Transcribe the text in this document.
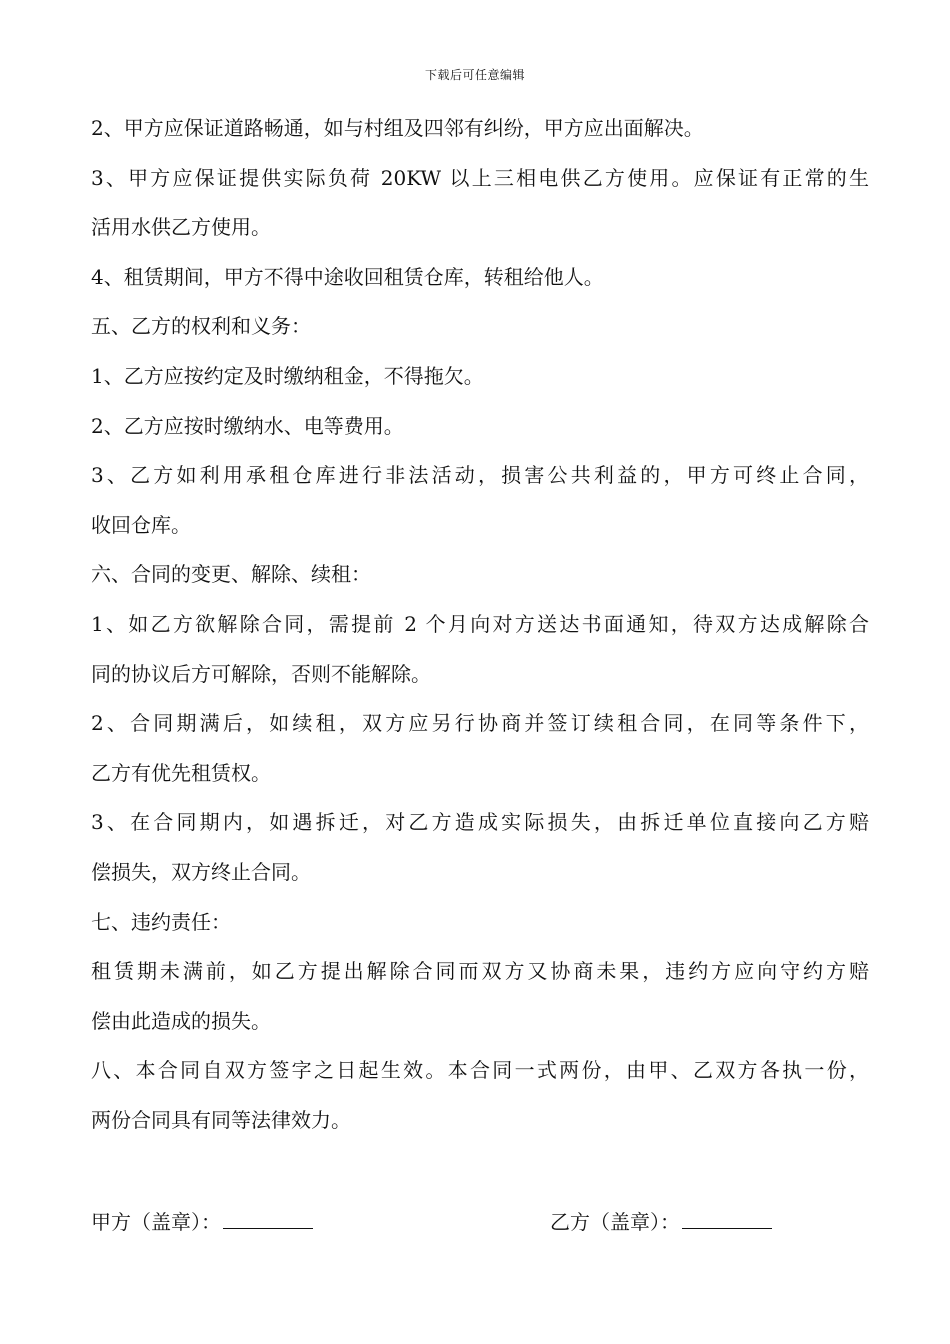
下载后可任意编辑
2、甲方应保证道路畅通，如与村组及四邻有纠纷，甲方应出面解决。
3、甲方应保证提供实际负荷 20KW 以上三相电供乙方使用。应保证有正常的生
活用水供乙方使用。
4、租赁期间，甲方不得中途收回租赁仓库，转租给他人。
五、乙方的权利和义务：
1、乙方应按约定及时缴纳租金，不得拖欠。
2、乙方应按时缴纳水、电等费用。
3、乙方如利用承租仓库进行非法活动，损害公共利益的，甲方可终止合同，
收回仓库。
六、合同的变更、解除、续租：
1、如乙方欲解除合同，需提前 2 个月向对方送达书面通知，待双方达成解除合
同的协议后方可解除，否则不能解除。
2、合同期满后，如续租，双方应另行协商并签订续租合同，在同等条件下，
乙方有优先租赁权。
3、在合同期内，如遇拆迁，对乙方造成实际损失，由拆迁单位直接向乙方赔
偿损失，双方终止合同。
七、违约责任：
租赁期未满前，如乙方提出解除合同而双方又协商未果，违约方应向守约方赔
偿由此造成的损失。
八、本合同自双方签字之日起生效。本合同一式两份，由甲、乙双方各执一份，
两份合同具有同等法律效力。
甲方（盖章）：	乙方（盖章）：
